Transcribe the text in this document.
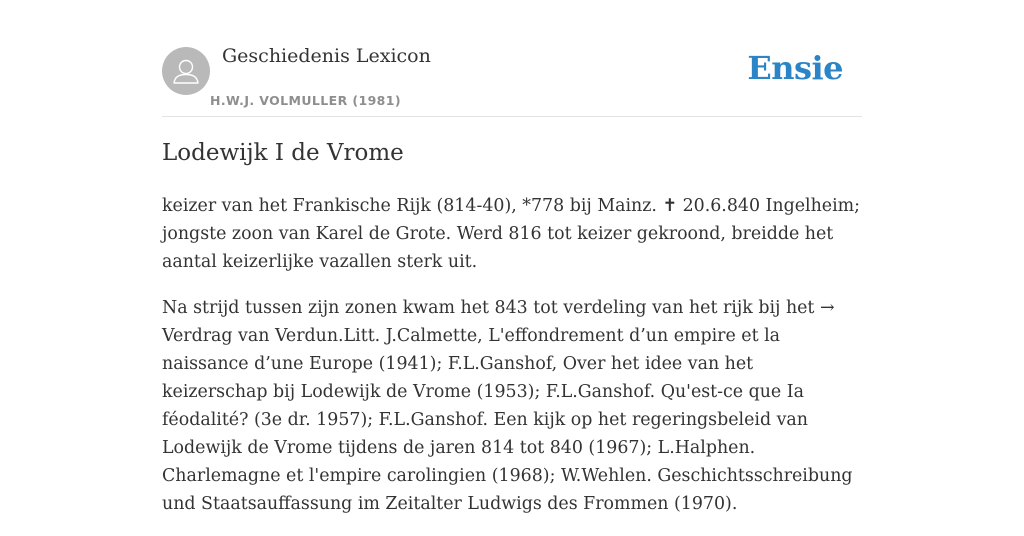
Geschiedenis Lexicon
H.W.J. VOLMULLER (1981)
Ensie
Lodewijk I de Vrome

keizer van het Frankische Rijk (814-40), *778 bij Mainz. ✝ 20.6.840 Ingelheim; jongste zoon van Karel de Grote. Werd 816 tot keizer gekroond, breidde het aantal keizerlijke vazallen sterk uit.

Na strijd tussen zijn zonen kwam het 843 tot verdeling van het rijk bij het → Verdrag van Verdun.Litt. J.Calmette, L'effondrement d’un empire et la naissance d’une Europe (1941); F.L.Ganshof, Over het idee van het keizerschap bij Lodewijk de Vrome (1953); F.L.Ganshof. Qu'est-ce que Ia féodalité? (3e dr. 1957); F.L.Ganshof. Een kijk op het regeringsbeleid van Lodewijk de Vrome tijdens de jaren 814 tot 840 (1967); L.Halphen. Charlemagne et l'empire carolingien (1968); W.Wehlen. Geschichtsschreibung und Staatsauffassung im Zeitalter Ludwigs des Frommen (1970).
